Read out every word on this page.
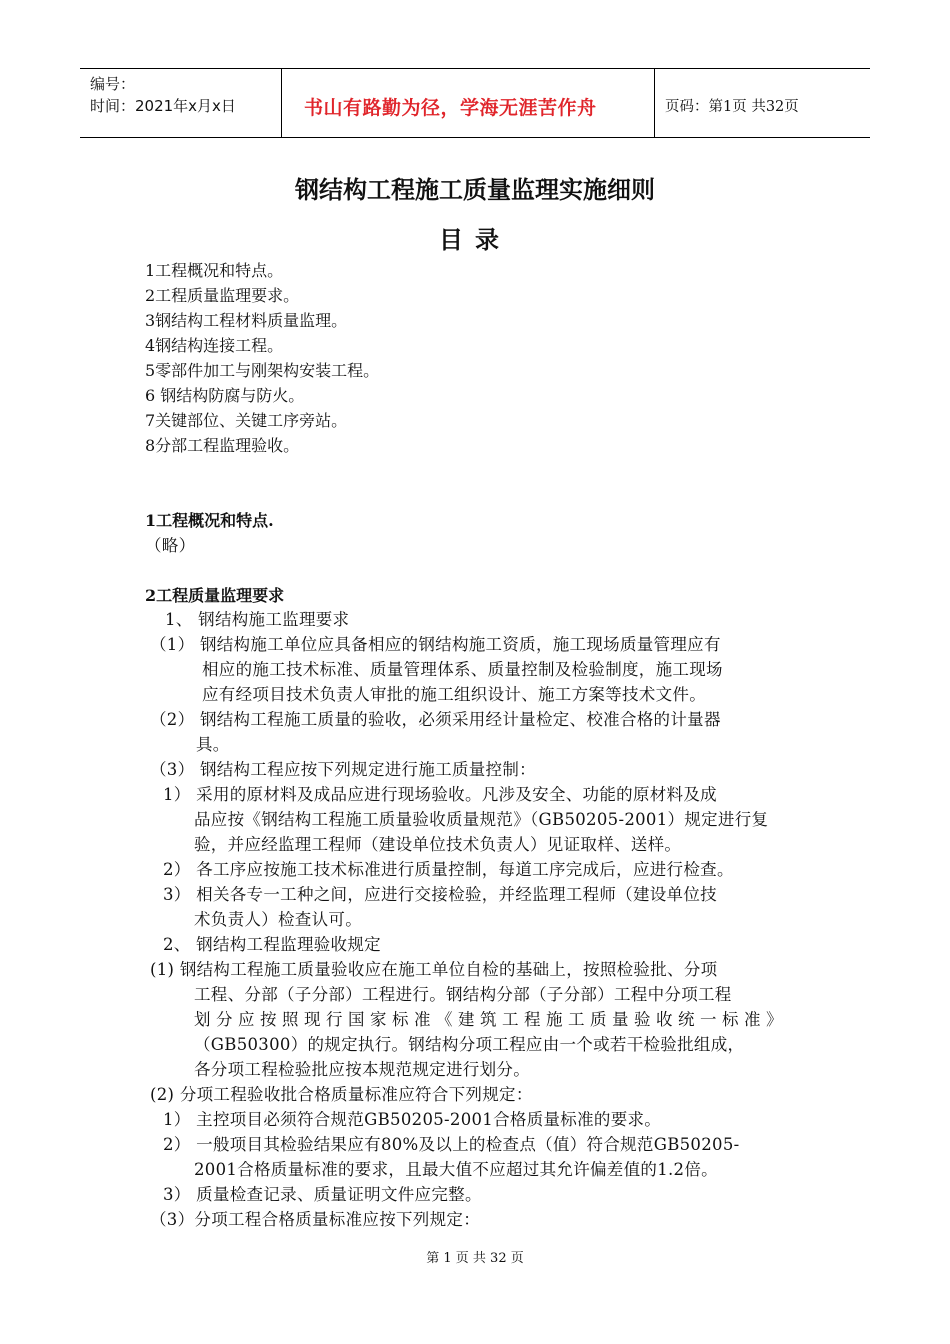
编号：
时间：2021年x月x日	书山有路勤为径，学海无涯苦作舟	页码：第1页 共32页
钢结构工程施工质量监理实施细则
目录
1工程概况和特点。
2工程质量监理要求。
3钢结构工程材料质量监理。
4钢结构连接工程。
5零部件加工与刚架构安装工程。
6 钢结构防腐与防火。
7关键部位、关键工序旁站。
8分部工程监理验收。
1工程概况和特点.
（略）
2工程质量监理要求
1、 钢结构施工监理要求
（1） 钢结构施工单位应具备相应的钢结构施工资质，施工现场质量管理应有
相应的施工技术标准、质量管理体系、质量控制及检验制度，施工现场
应有经项目技术负责人审批的施工组织设计、施工方案等技术文件。
（2） 钢结构工程施工质量的验收，必须采用经计量检定、校准合格的计量器
具。
（3） 钢结构工程应按下列规定进行施工质量控制：
1） 采用的原材料及成品应进行现场验收。凡涉及安全、功能的原材料及成
品应按《钢结构工程施工质量验收质量规范》（GB50205-2001）规定进行复
验，并应经监理工程师（建设单位技术负责人）见证取样、送样。
2） 各工序应按施工技术标准进行质量控制，每道工序完成后，应进行检查。
3） 相关各专一工种之间，应进行交接检验，并经监理工程师（建设单位技
术负责人）检查认可。
2、 钢结构工程监理验收规定
(1) 钢结构工程施工质量验收应在施工单位自检的基础上，按照检验批、分项
工程、分部（子分部）工程进行。钢结构分部（子分部）工程中分项工程
划分应按照现行国家标准《建筑工程施工质量验收统一标准》
（GB50300）的规定执行。钢结构分项工程应由一个或若干检验批组成，
各分项工程检验批应按本规范规定进行划分。
(2) 分项工程验收批合格质量标准应符合下列规定：
1） 主控项目必须符合规范GB50205-2001合格质量标准的要求。
2） 一般项目其检验结果应有80%及以上的检查点（值）符合规范GB50205-
2001合格质量标准的要求，且最大值不应超过其允许偏差值的1.2倍。
3） 质量检查记录、质量证明文件应完整。
（3）分项工程合格质量标准应按下列规定：
第 1 页 共 32 页
